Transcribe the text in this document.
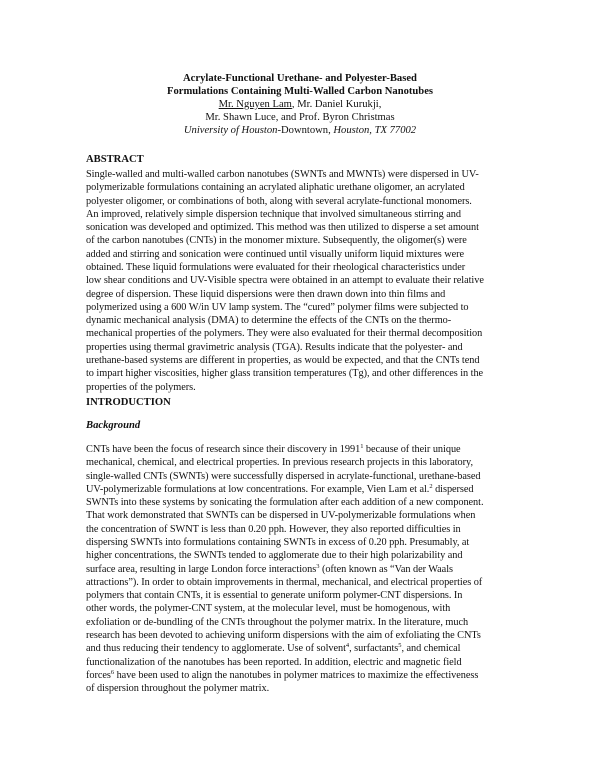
Acrylate-Functional Urethane- and Polyester-Based
Formulations Containing Multi-Walled Carbon Nanotubes
Mr. Nguyen Lam, Mr. Daniel Kurukji,
Mr. Shawn Luce, and Prof. Byron Christmas
University of Houston-Downtown, Houston, TX 77002
ABSTRACT
Single-walled and multi-walled carbon nanotubes (SWNTs and MWNTs) were dispersed in UV-
polymerizable formulations containing an acrylated aliphatic urethane oligomer, an acrylated
polyester oligomer, or combinations of both, along with several acrylate-functional monomers.
An improved, relatively simple dispersion technique that involved simultaneous stirring and
sonication was developed and optimized. This method was then utilized to disperse a set amount
of the carbon nanotubes (CNTs) in the monomer mixture. Subsequently, the oligomer(s) were
added and stirring and sonication were continued until visually uniform liquid mixtures were
obtained. These liquid formulations were evaluated for their rheological characteristics under
low shear conditions and UV-Visible spectra were obtained in an attempt to evaluate their relative
degree of dispersion. These liquid dispersions were then drawn down into thin films and
polymerized using a 600 W/in UV lamp system. The “cured” polymer films were subjected to
dynamic mechanical analysis (DMA) to determine the effects of the CNTs on the thermo-
mechanical properties of the polymers. They were also evaluated for their thermal decomposition
properties using thermal gravimetric analysis (TGA). Results indicate that the polyester- and
urethane-based systems are different in properties, as would be expected, and that the CNTs tend
to impart higher viscosities, higher glass transition temperatures (Tg), and other differences in the
properties of the polymers.
INTRODUCTION
Background
CNTs have been the focus of research since their discovery in 1991$^1$ because of their unique
mechanical, chemical, and electrical properties. In previous research projects in this laboratory,
single-walled CNTs (SWNTs) were successfully dispersed in acrylate-functional, urethane-based
UV-polymerizable formulations at low concentrations. For example, Vien Lam et al.$^2$ dispersed
SWNTs into these systems by sonicating the formulation after each addition of a new component.
That work demonstrated that SWNTs can be dispersed in UV-polymerizable formulations when
the concentration of SWNT is less than 0.20 pph. However, they also reported difficulties in
dispersing SWNTs into formulations containing SWNTs in excess of 0.20 pph. Presumably, at
higher concentrations, the SWNTs tended to agglomerate due to their high polarizability and
surface area, resulting in large London force interactions$^3$ (often known as “Van der Waals
attractions”). In order to obtain improvements in thermal, mechanical, and electrical properties of
polymers that contain CNTs, it is essential to generate uniform polymer-CNT dispersions. In
other words, the polymer-CNT system, at the molecular level, must be homogenous, with
exfoliation or de-bundling of the CNTs throughout the polymer matrix. In the literature, much
research has been devoted to achieving uniform dispersions with the aim of exfoliating the CNTs
and thus reducing their tendency to agglomerate. Use of solvent$^4$, surfactants$^5$, and chemical
functionalization of the nanotubes has been reported. In addition, electric and magnetic field
forces$^6$ have been used to align the nanotubes in polymer matrices to maximize the effectiveness
of dispersion throughout the polymer matrix.
